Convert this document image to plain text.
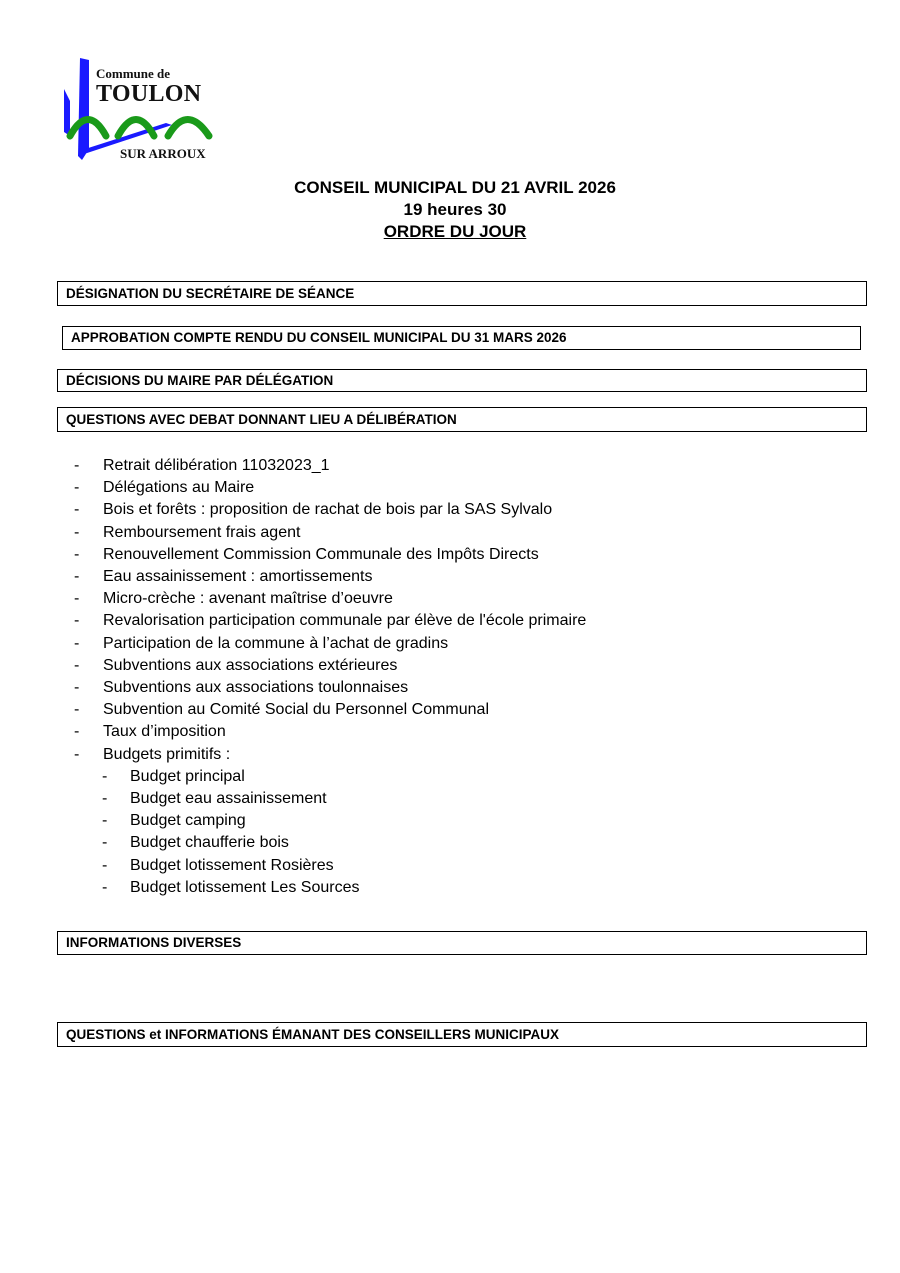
Commune de
TOULON
SUR ARROUX
CONSEIL MUNICIPAL DU 21 AVRIL 2026
19 heures 30
ORDRE DU JOUR
DÉSIGNATION DU SECRÉTAIRE DE SÉANCE
APPROBATION COMPTE RENDU DU CONSEIL MUNICIPAL DU 31 MARS 2026
DÉCISIONS DU MAIRE PAR DÉLÉGATION
QUESTIONS AVEC DEBAT DONNANT LIEU A DÉLIBÉRATION
- Retrait délibération 11032023_1
- Délégations au Maire
- Bois et forêts : proposition de rachat de bois par la SAS Sylvalo
- Remboursement frais agent
- Renouvellement Commission Communale des Impôts Directs
- Eau assainissement : amortissements
- Micro-crèche : avenant maîtrise d’oeuvre
- Revalorisation participation communale par élève de l'école primaire
- Participation de la commune à l’achat de gradins
- Subventions aux associations extérieures
- Subventions aux associations toulonnaises
- Subvention au Comité Social du Personnel Communal
- Taux d’imposition
- Budgets primitifs :
- Budget principal
- Budget eau assainissement
- Budget camping
- Budget chaufferie bois
- Budget lotissement Rosières
- Budget lotissement Les Sources
INFORMATIONS DIVERSES
QUESTIONS et INFORMATIONS ÉMANANT DES CONSEILLERS MUNICIPAUX
